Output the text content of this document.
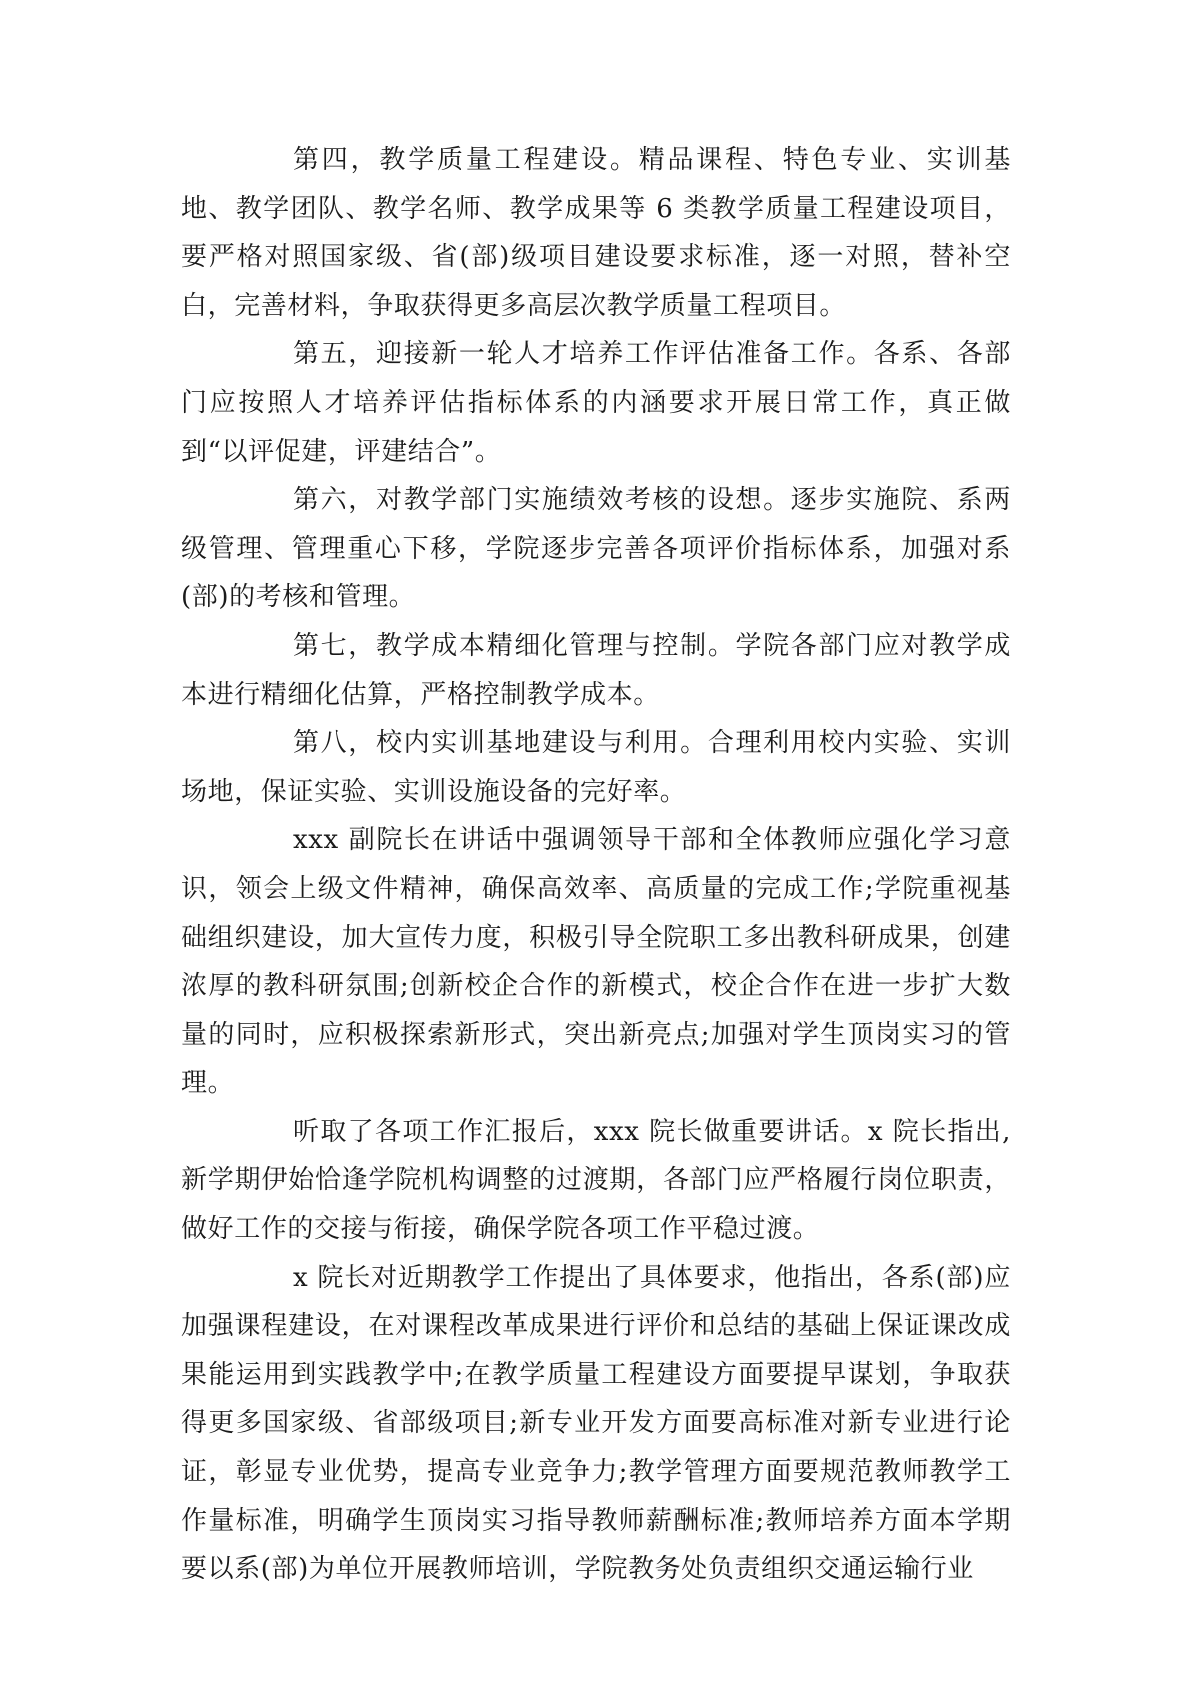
第四，教学质量工程建设。精品课程、特色专业、实训基地、教学团队、教学名师、教学成果等 6 类教学质量工程建设项目，要严格对照国家级、省(部)级项目建设要求标准，逐一对照，替补空白，完善材料，争取获得更多高层次教学质量工程项目。

第五，迎接新一轮人才培养工作评估准备工作。各系、各部门应按照人才培养评估指标体系的内涵要求开展日常工作，真正做到“以评促建，评建结合”。

第六，对教学部门实施绩效考核的设想。逐步实施院、系两级管理、管理重心下移，学院逐步完善各项评价指标体系，加强对系(部)的考核和管理。

第七，教学成本精细化管理与控制。学院各部门应对教学成本进行精细化估算，严格控制教学成本。

第八，校内实训基地建设与利用。合理利用校内实验、实训场地，保证实验、实训设施设备的完好率。

xxx 副院长在讲话中强调领导干部和全体教师应强化学习意识，领会上级文件精神，确保高效率、高质量的完成工作;学院重视基础组织建设，加大宣传力度，积极引导全院职工多出教科研成果，创建浓厚的教科研氛围;创新校企合作的新模式，校企合作在进一步扩大数量的同时，应积极探索新形式，突出新亮点;加强对学生顶岗实习的管理。

听取了各项工作汇报后，xxx 院长做重要讲话。x 院长指出,新学期伊始恰逢学院机构调整的过渡期，各部门应严格履行岗位职责，做好工作的交接与衔接，确保学院各项工作平稳过渡。

x 院长对近期教学工作提出了具体要求，他指出，各系(部)应加强课程建设，在对课程改革成果进行评价和总结的基础上保证课改成果能运用到实践教学中;在教学质量工程建设方面要提早谋划，争取获得更多国家级、省部级项目;新专业开发方面要高标准对新专业进行论证，彰显专业优势，提高专业竞争力;教学管理方面要规范教师教学工作量标准，明确学生顶岗实习指导教师薪酬标准;教师培养方面本学期要以系(部)为单位开展教师培训，学院教务处负责组织交通运输行业
